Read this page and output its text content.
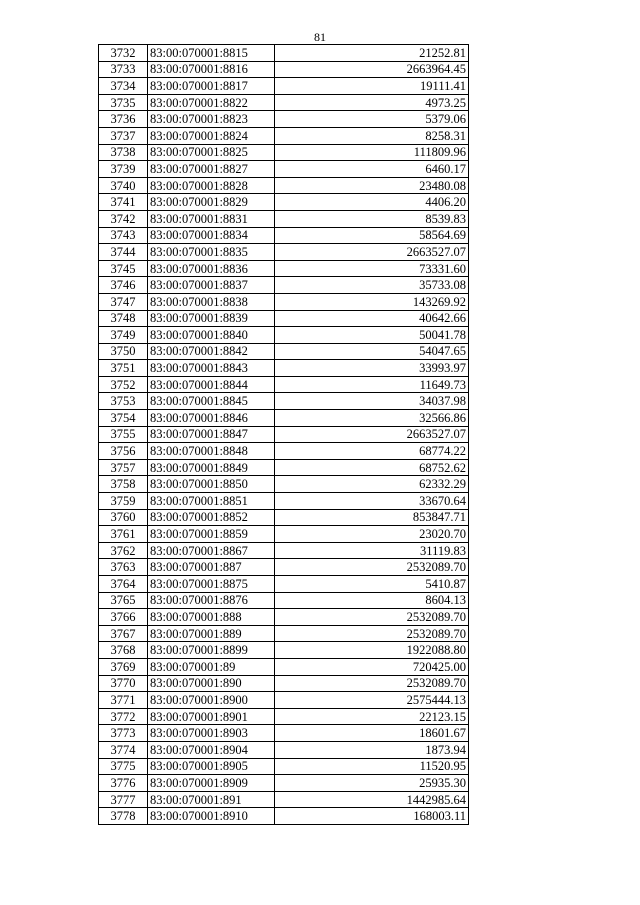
81
3732	83:00:070001:8815	21252.81
3733	83:00:070001:8816	2663964.45
3734	83:00:070001:8817	19111.41
3735	83:00:070001:8822	4973.25
3736	83:00:070001:8823	5379.06
3737	83:00:070001:8824	8258.31
3738	83:00:070001:8825	111809.96
3739	83:00:070001:8827	6460.17
3740	83:00:070001:8828	23480.08
3741	83:00:070001:8829	4406.20
3742	83:00:070001:8831	8539.83
3743	83:00:070001:8834	58564.69
3744	83:00:070001:8835	2663527.07
3745	83:00:070001:8836	73331.60
3746	83:00:070001:8837	35733.08
3747	83:00:070001:8838	143269.92
3748	83:00:070001:8839	40642.66
3749	83:00:070001:8840	50041.78
3750	83:00:070001:8842	54047.65
3751	83:00:070001:8843	33993.97
3752	83:00:070001:8844	11649.73
3753	83:00:070001:8845	34037.98
3754	83:00:070001:8846	32566.86
3755	83:00:070001:8847	2663527.07
3756	83:00:070001:8848	68774.22
3757	83:00:070001:8849	68752.62
3758	83:00:070001:8850	62332.29
3759	83:00:070001:8851	33670.64
3760	83:00:070001:8852	853847.71
3761	83:00:070001:8859	23020.70
3762	83:00:070001:8867	31119.83
3763	83:00:070001:887	2532089.70
3764	83:00:070001:8875	5410.87
3765	83:00:070001:8876	8604.13
3766	83:00:070001:888	2532089.70
3767	83:00:070001:889	2532089.70
3768	83:00:070001:8899	1922088.80
3769	83:00:070001:89	720425.00
3770	83:00:070001:890	2532089.70
3771	83:00:070001:8900	2575444.13
3772	83:00:070001:8901	22123.15
3773	83:00:070001:8903	18601.67
3774	83:00:070001:8904	1873.94
3775	83:00:070001:8905	11520.95
3776	83:00:070001:8909	25935.30
3777	83:00:070001:891	1442985.64
3778	83:00:070001:8910	168003.11
